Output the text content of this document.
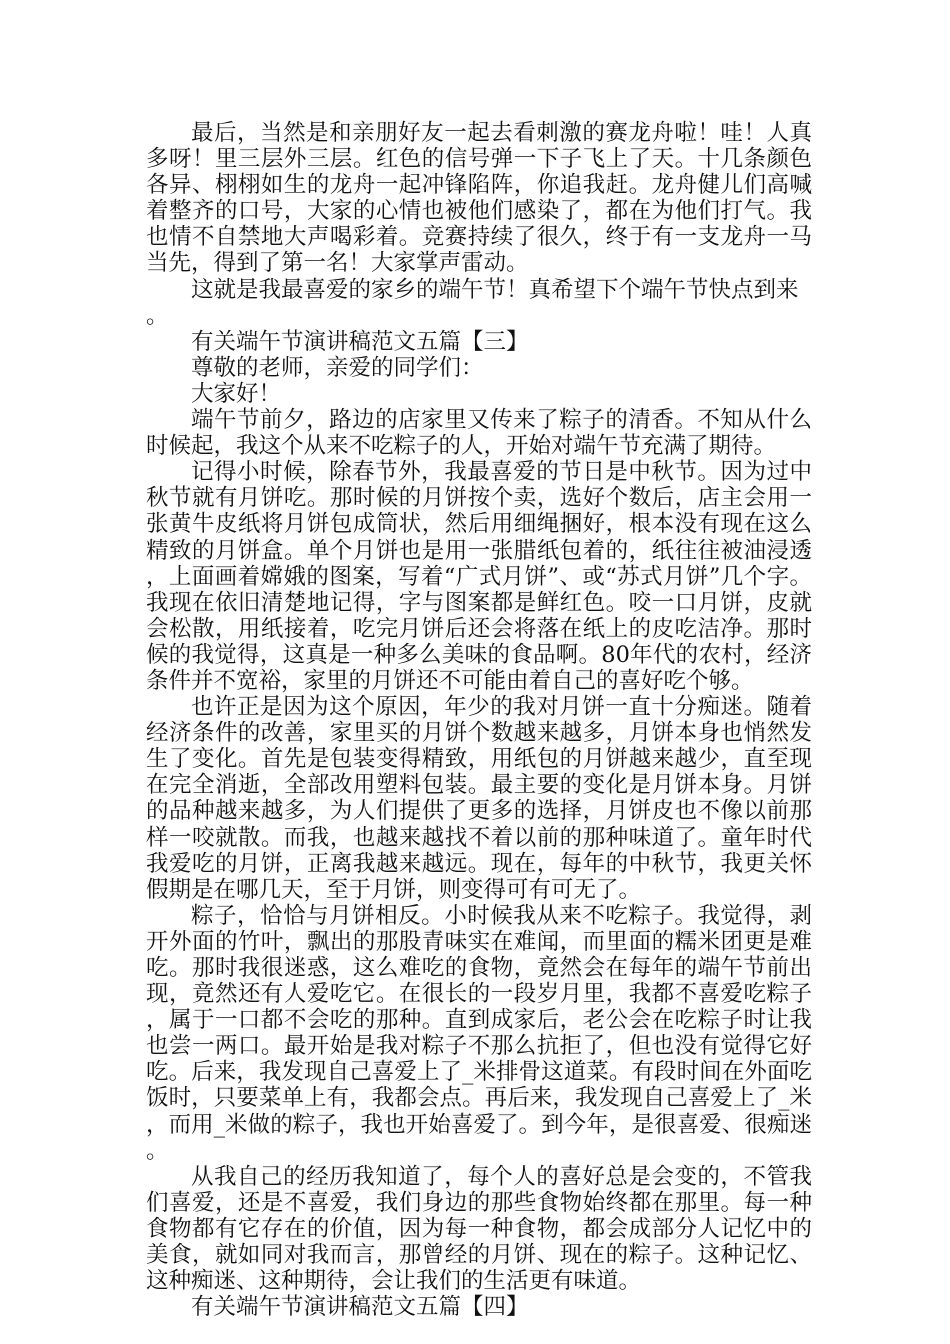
最后，当然是和亲朋好友一起去看刺激的赛龙舟啦！哇！人真多呀！里三层外三层。红色的信号弹一下子飞上了天。十几条颜色各异、栩栩如生的龙舟一起冲锋陷阵，你追我赶。龙舟健儿们高喊着整齐的口号，大家的心情也被他们感染了，都在为他们打气。我也情不自禁地大声喝彩着。竞赛持续了很久，终于有一支龙舟一马当先，得到了第一名！大家掌声雷动。

这就是我最喜爱的家乡的端午节！真希望下个端午节快点到来。

有关端午节演讲稿范文五篇【三】

尊敬的老师，亲爱的同学们：

大家好！

端午节前夕，路边的店家里又传来了粽子的清香。不知从什么时候起，我这个从来不吃粽子的人，开始对端午节充满了期待。

记得小时候，除春节外，我最喜爱的节日是中秋节。因为过中秋节就有月饼吃。那时候的月饼按个卖，选好个数后，店主会用一张黄牛皮纸将月饼包成筒状，然后用细绳捆好，根本没有现在这么精致的月饼盒。单个月饼也是用一张腊纸包着的，纸往往被油浸透，上面画着嫦娥的图案，写着“广式月饼”、或“苏式月饼”几个字。我现在依旧清楚地记得，字与图案都是鲜红色。咬一口月饼，皮就会松散，用纸接着，吃完月饼后还会将落在纸上的皮吃洁净。那时候的我觉得，这真是一种多么美味的食品啊。80年代的农村，经济条件并不宽裕，家里的月饼还不可能由着自己的喜好吃个够。

也许正是因为这个原因，年少的我对月饼一直十分痴迷。随着经济条件的改善，家里买的月饼个数越来越多，月饼本身也悄然发生了变化。首先是包装变得精致，用纸包的月饼越来越少，直至现在完全消逝，全部改用塑料包装。最主要的变化是月饼本身。月饼的品种越来越多，为人们提供了更多的选择，月饼皮也不像以前那样一咬就散。而我，也越来越找不着以前的那种味道了。童年时代我爱吃的月饼，正离我越来越远。现在，每年的中秋节，我更关怀假期是在哪几天，至于月饼，则变得可有可无了。

粽子，恰恰与月饼相反。小时候我从来不吃粽子。我觉得，剥开外面的竹叶，飘出的那股青味实在难闻，而里面的糯米团更是难吃。那时我很迷惑，这么难吃的食物，竟然会在每年的端午节前出现，竟然还有人爱吃它。在很长的一段岁月里，我都不喜爱吃粽子，属于一口都不会吃的那种。直到成家后，老公会在吃粽子时让我也尝一两口。最开始是我对粽子不那么抗拒了，但也没有觉得它好吃。后来，我发现自己喜爱上了_米排骨这道菜。有段时间在外面吃饭时，只要菜单上有，我都会点。再后来，我发现自己喜爱上了_米，而用_米做的粽子，我也开始喜爱了。到今年，是很喜爱、很痴迷。

从我自己的经历我知道了，每个人的喜好总是会变的，不管我们喜爱，还是不喜爱，我们身边的那些食物始终都在那里。每一种食物都有它存在的价值，因为每一种食物，都会成部分人记忆中的美食，就如同对我而言，那曾经的月饼、现在的粽子。这种记忆、这种痴迷、这种期待，会让我们的生活更有味道。

有关端午节演讲稿范文五篇【四】
